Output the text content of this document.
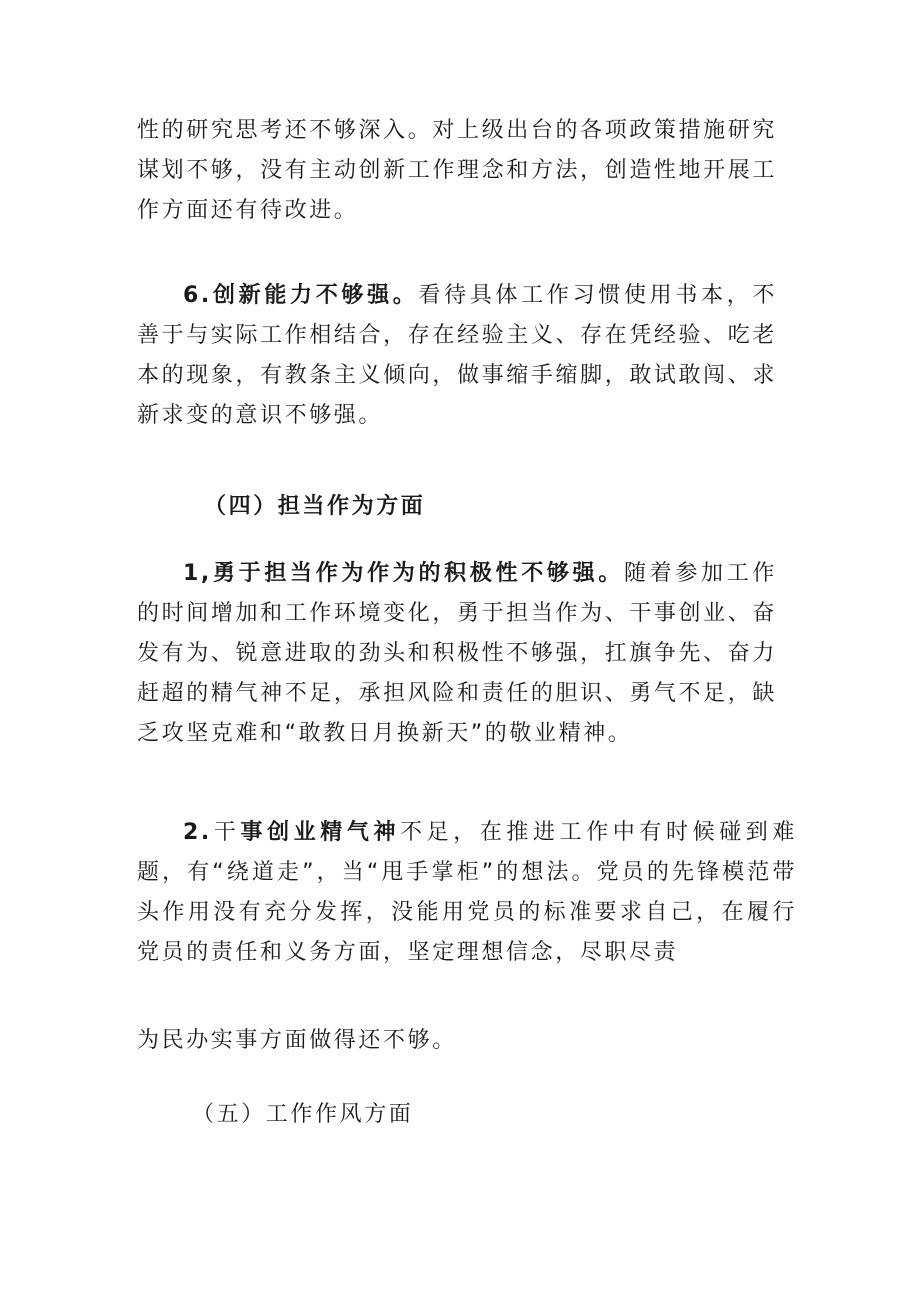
性的研究思考还不够深入。对上级出台的各项政策措施研究谋划不够，没有主动创新工作理念和方法，创造性地开展工作方面还有待改进。

6.创新能力不够强。看待具体工作习惯使用书本，不善于与实际工作相结合，存在经验主义、存在凭经验、吃老本的现象，有教条主义倾向，做事缩手缩脚，敢试敢闯、求新求变的意识不够强。

（四）担当作为方面

1,勇于担当作为作为的积极性不够强。随着参加工作的时间增加和工作环境变化，勇于担当作为、干事创业、奋发有为、锐意进取的劲头和积极性不够强，扛旗争先、奋力赶超的精气神不足，承担风险和责任的胆识、勇气不足，缺乏攻坚克难和“敢教日月换新天”的敬业精神。

2.干事创业精气神不足，在推进工作中有时候碰到难题，有“绕道走”，当“甩手掌柜”的想法。党员的先锋模范带头作用没有充分发挥，没能用党员的标准要求自己，在履行党员的责任和义务方面，坚定理想信念，尽职尽责

为民办实事方面做得还不够。

（五）工作作风方面
